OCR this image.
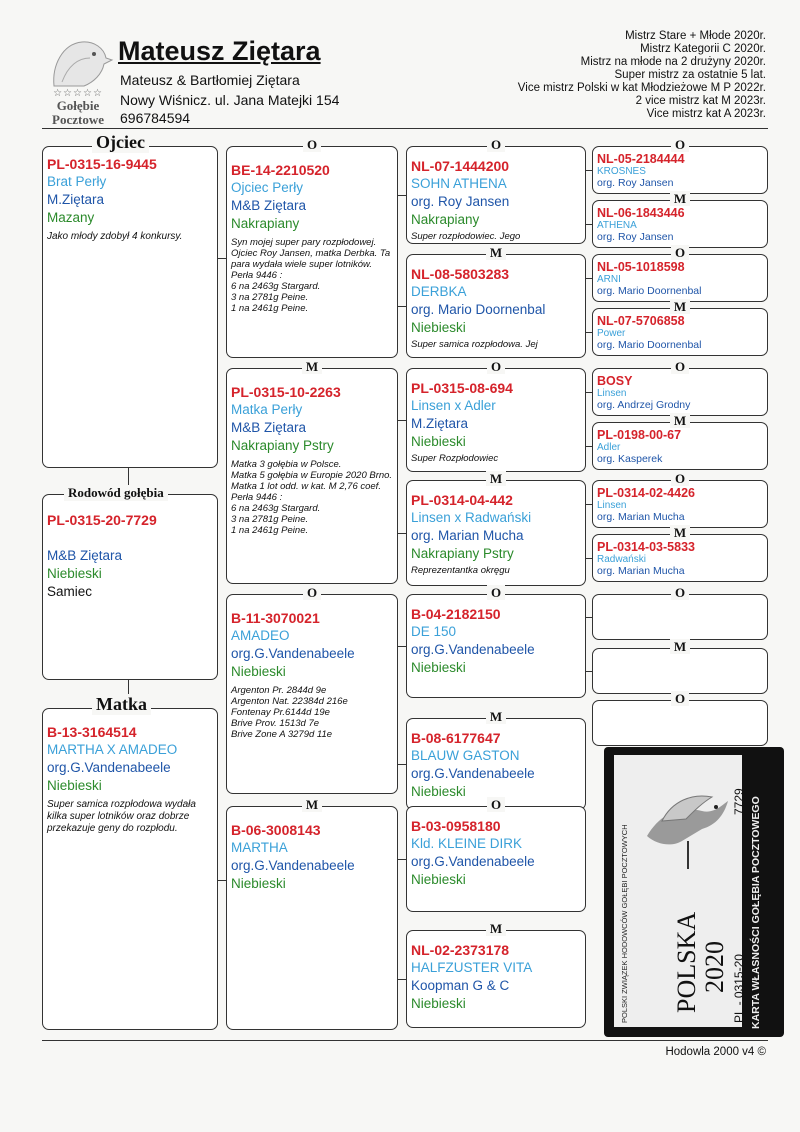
☆☆☆☆☆
Gołębie
Pocztowe
Mateusz Ziętara
Mateusz & Bartłomiej Ziętara
Nowy Wiśnicz. ul. Jana Matejki 154
696784594
Mistrz Stare + Młode 2020r.
Mistrz Kategorii C 2020r.
Mistrz na młode na 2 drużyny 2020r.
Super mistrz za ostatnie 5 lat.
Vice mistrz Polski w kat Młodzieżowe M P 2022r.
2 vice mistrz kat M 2023r.
Vice mistrz kat A 2023r.
PL-0315-16-9445
Brat Perły
M.Ziętara
Mazany
Jako młody zdobył 4 konkursy.
Ojciec
PL-0315-20-7729
M&B Ziętara
Niebieski
Samiec
Rodowód gołębia
B-13-3164514
MARTHA X AMADEO
org.G.Vandenabeele
Niebieski
Super samica rozpłodowa wydała kilka super lotników oraz dobrze przekazuje geny do rozpłodu.
Matka
O
BE-14-2210520
Ojciec Perły
M&B Ziętara
Nakrapiany
Syn mojej super pary rozpłodowej. Ojciec Roy Jansen, matka Derbka. Ta para wydała wiele super lotników.
Perła 9446 :
6 na 2463g Stargard.
3 na 2781g Peine.
1 na 2461g Peine.
M
PL-0315-10-2263
Matka Perły
M&B Ziętara
Nakrapiany Pstry
Matka 3 gołębia w Polsce.
Matka 5 gołębia w Europie 2020 Brno.
Matka 1 lot odd. w kat. M 2,76 coef.
Perła 9446 :
6 na 2463g Stargard.
3 na 2781g Peine.
1 na 2461g Peine.
O
B-11-3070021
AMADEO
org.G.Vandenabeele
Niebieski
Argenton Pr. 2844d 9e
Argenton Nat. 22384d 216e
Fontenay Pr.6144d 19e
Brive Prov. 1513d 7e
Brive Zone A 3279d 11e
M
B-06-3008143
MARTHA
org.G.Vandenabeele
Niebieski
O
NL-07-1444200
SOHN ATHENA
org. Roy Jansen
Nakrapiany
Super rozpłodowiec. Jego
M
NL-08-5803283
DERBKA
org. Mario Doornenbal
Niebieski
Super samica rozpłodowa. Jej
O
PL-0315-08-694
Linsen x Adler
M.Ziętara
Niebieski
Super Rozpłodowiec
M
PL-0314-04-442
Linsen x Radwański
org. Marian Mucha
Nakrapiany Pstry
Reprezentantka okręgu
O
B-04-2182150
DE 150
org.G.Vandenabeele
Niebieski
M
B-08-6177647
BLAUW GASTON
org.G.Vandenabeele
Niebieski
O
B-03-0958180
Kld. KLEINE DIRK
org.G.Vandenabeele
Niebieski
M
NL-02-2373178
HALFZUSTER VITA
Koopman G & C
Niebieski
O
NL-05-2184444
KROSNES
org. Roy Jansen
M
NL-06-1843446
ATHENA
org. Roy Jansen
O
NL-05-1018598
ARNI
org. Mario Doornenbal
M
NL-07-5706858
Power
org. Mario Doornenbal
O
BOSY
Linsen
org. Andrzej Grodny
M
PL-0198-00-67
Adler
org. Kasperek
O
PL-0314-02-4426
Linsen
org. Marian Mucha
M
PL-0314-03-5833
Radwański
org. Marian Mucha
O
M
O
POLSKI ZWIĄZEK HODOWCÓW GOŁĘBI POCZTOWYCH POLSKA 2020 PL - 0315-20
7729 KARTA WŁASNOŚCI GOŁĘBIA POCZTOWEGO
Hodowla 2000 v4 ©
